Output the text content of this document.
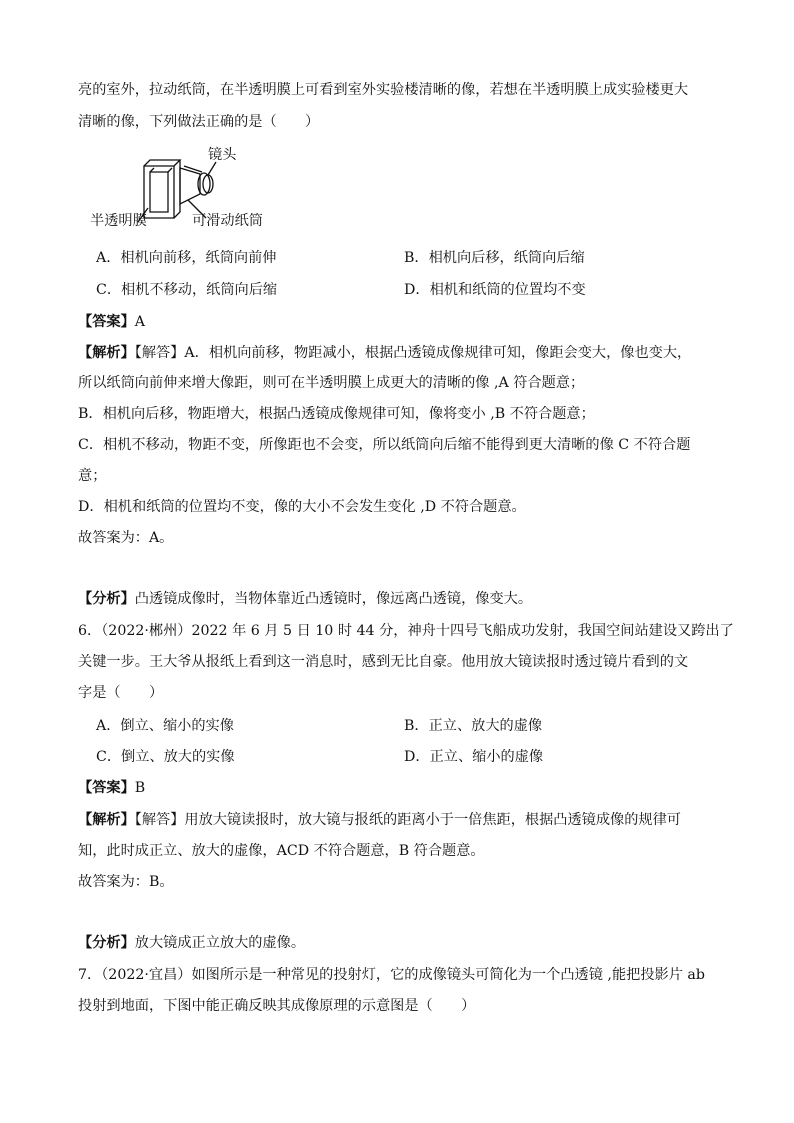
亮的室外，拉动纸筒，在半透明膜上可看到室外实验楼清晰的像，若想在半透明膜上成实验楼更大
清晰的像，下列做法正确的是（　　）
镜头
半透明膜	可滑动纸筒
A．相机向前移，纸筒向前伸	B．相机向后移，纸筒向后缩
C．相机不移动，纸筒向后缩	D．相机和纸筒的位置均不变
【答案】A
【解析】【解答】A．相机向前移，物距减小，根据凸透镜成像规律可知，像距会变大，像也变大，
所以纸筒向前伸来增大像距，则可在半透明膜上成更大的清晰的像 ,A 符合题意；
B．相机向后移，物距增大，根据凸透镜成像规律可知，像将变小 ,B 不符合题意；
C．相机不移动，物距不变，所像距也不会变，所以纸筒向后缩不能得到更大清晰的像 C 不符合题
意；
D．相机和纸筒的位置均不变，像的大小不会发生变化 ,D 不符合题意。
故答案为：A。
【分析】凸透镜成像时，当物体靠近凸透镜时，像远离凸透镜，像变大。
6．（2022·郴州）2022 年 6 月 5 日 10 时 44 分，神舟十四号飞船成功发射，我国空间站建设又跨出了
关键一步。王大爷从报纸上看到这一消息时，感到无比自豪。他用放大镜读报时透过镜片看到的文
字是（　　）
A．倒立、缩小的实像	B．正立、放大的虚像
C．倒立、放大的实像	D．正立、缩小的虚像
【答案】B
【解析】【解答】用放大镜读报时，放大镜与报纸的距离小于一倍焦距，根据凸透镜成像的规律可
知，此时成正立、放大的虚像，ACD 不符合题意，B 符合题意。
故答案为：B。
【分析】放大镜成正立放大的虚像。
7．（2022·宜昌）如图所示是一种常见的投射灯，它的成像镜头可简化为一个凸透镜 ,能把投影片 ab
投射到地面，下图中能正确反映其成像原理的示意图是（　　）
